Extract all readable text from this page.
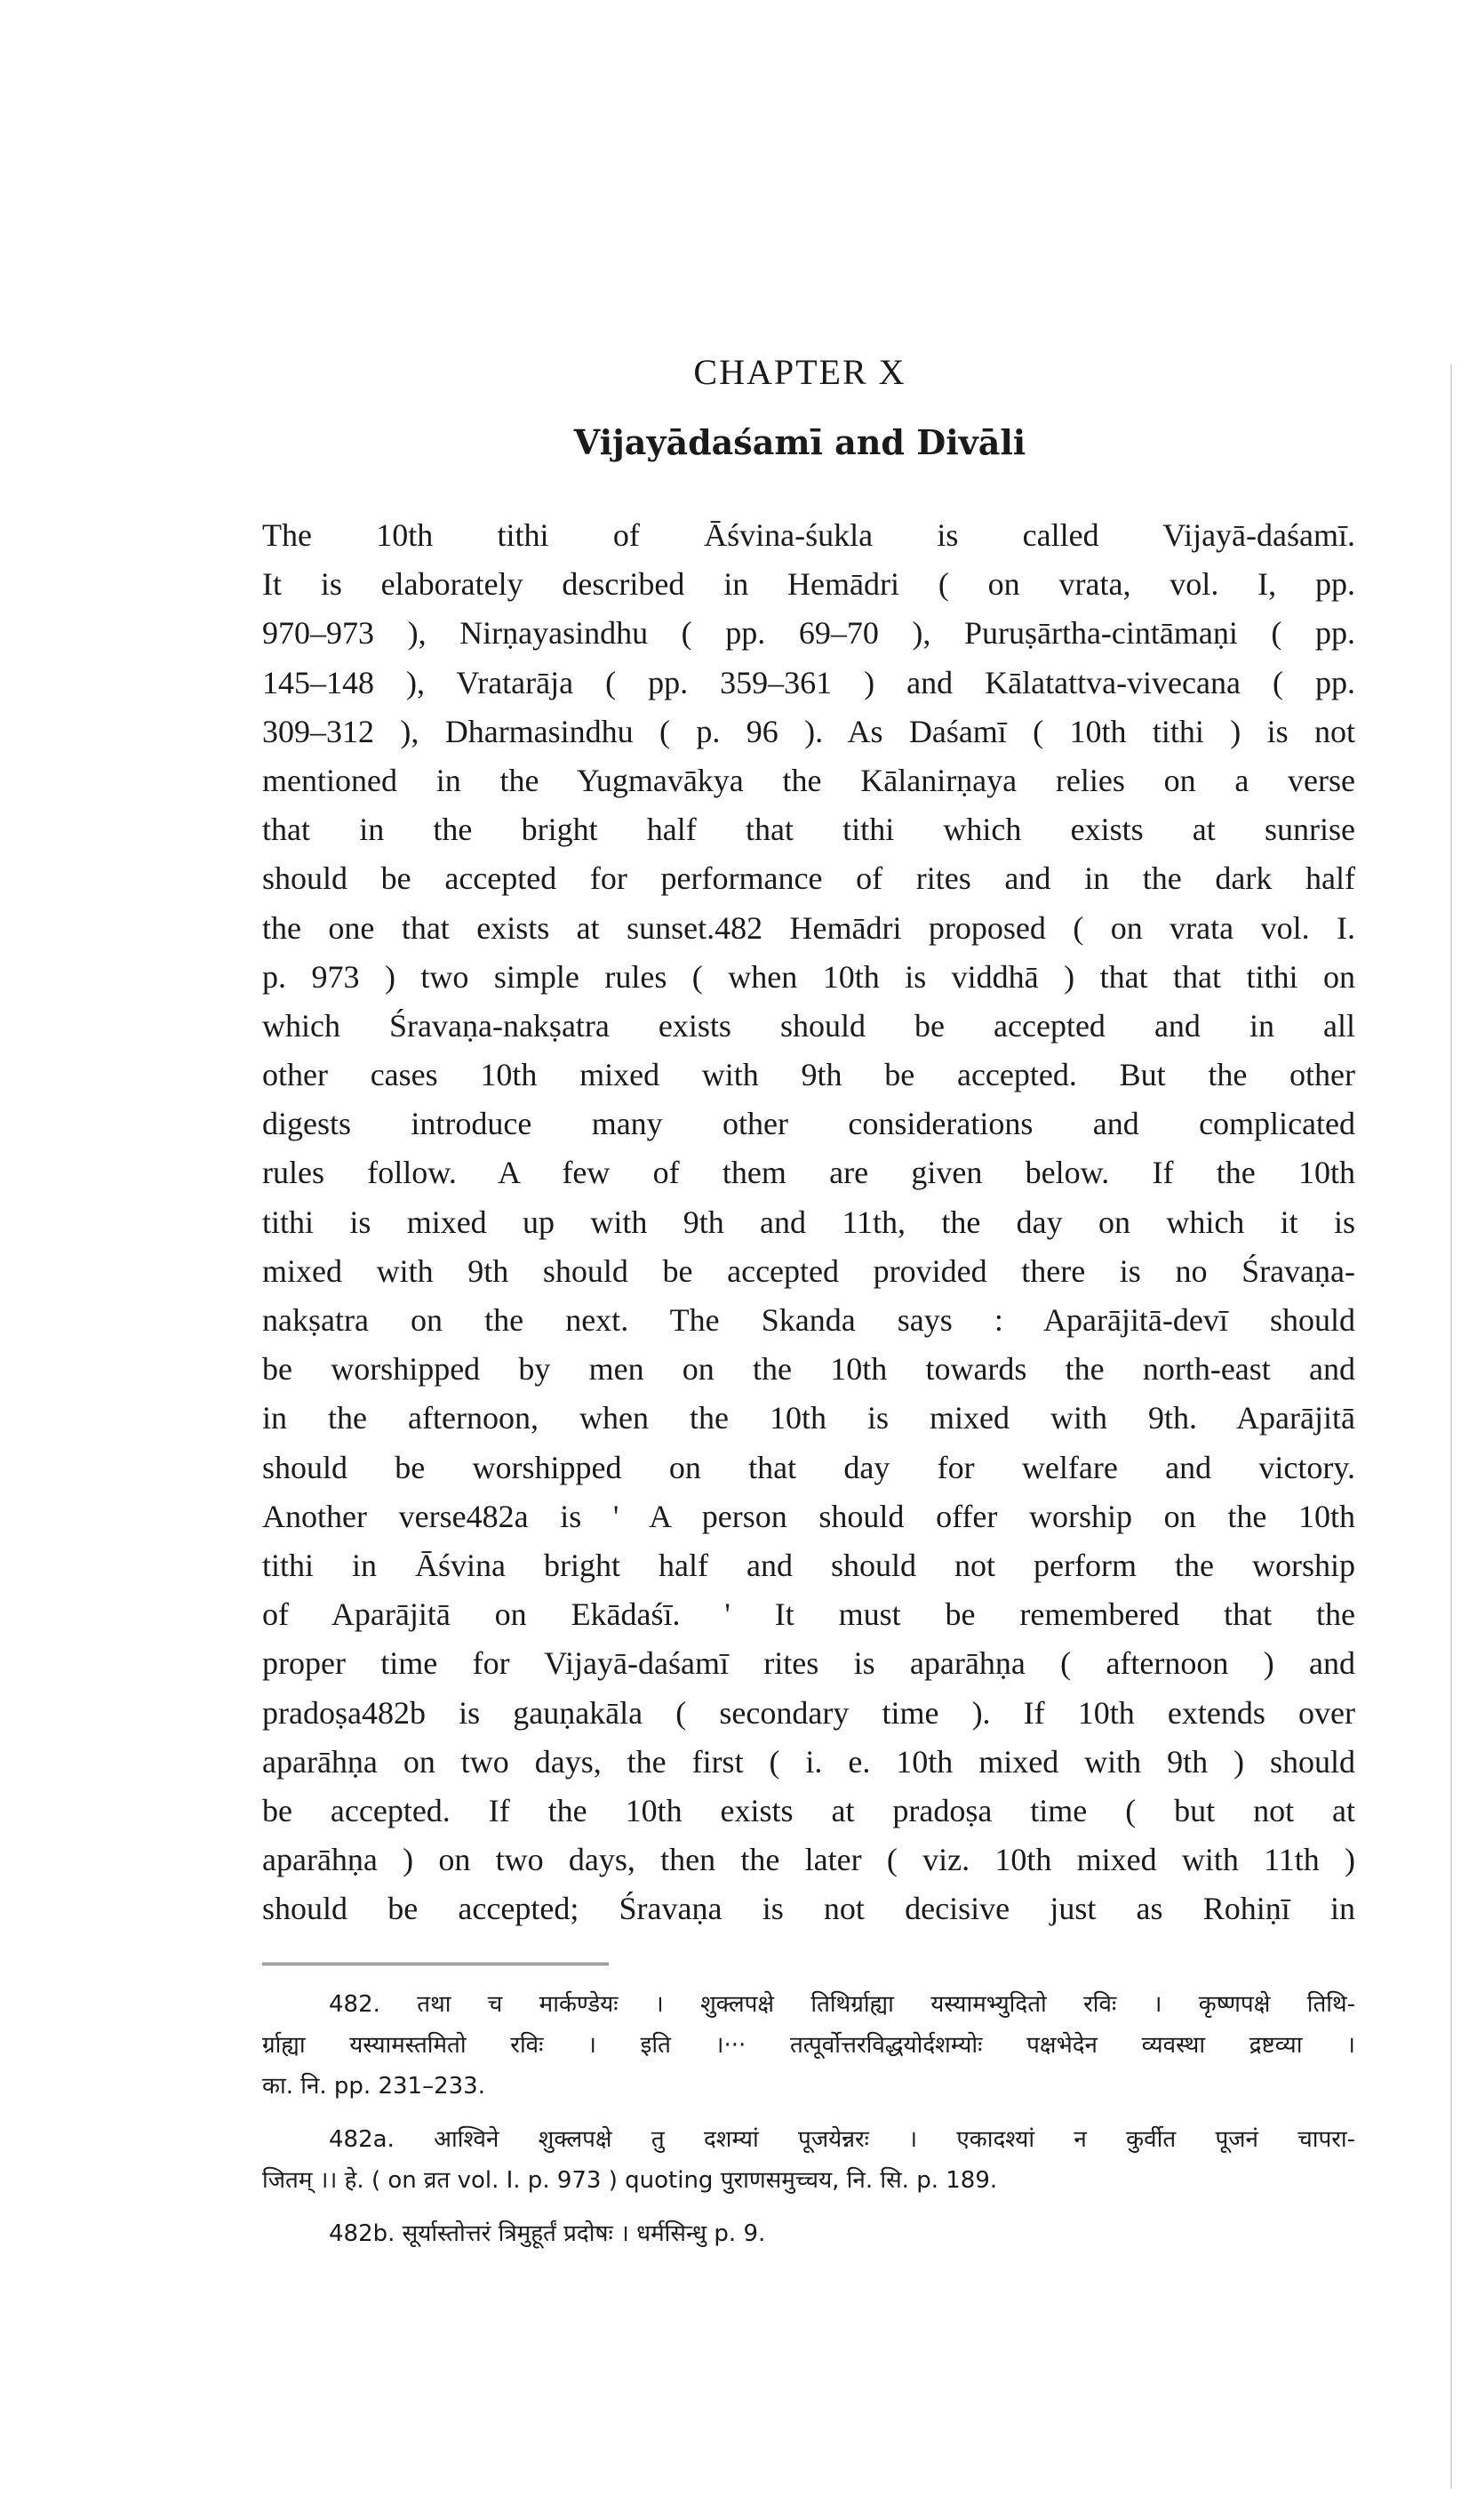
CHAPTER X
Vijayādaśamī and Divāli
The 10th tithi of Āśvina-śukla is called Vijayā-daśamī.
It is elaborately described in Hemādri ( on vrata, vol. I, pp.
970–973 ), Nirṇayasindhu ( pp. 69–70 ), Puruṣārtha-cintāmaṇi ( pp.
145–148 ), Vratarāja ( pp. 359–361 ) and Kālatattva-vivecana ( pp.
309–312 ), Dharmasindhu ( p. 96 ). As Daśamī ( 10th tithi ) is not
mentioned in the Yugmavākya the Kālanirṇaya relies on a verse
that in the bright half that tithi which exists at sunrise
should be accepted for performance of rites and in the dark half
the one that exists at sunset.482 Hemādri proposed ( on vrata vol. I.
p. 973 ) two simple rules ( when 10th is viddhā ) that that tithi on
which Śravaṇa-nakṣatra exists should be accepted and in all
other cases 10th mixed with 9th be accepted. But the other
digests introduce many other considerations and complicated
rules follow. A few of them are given below. If the 10th
tithi is mixed up with 9th and 11th, the day on which it is
mixed with 9th should be accepted provided there is no Śravaṇa-
nakṣatra on the next. The Skanda says : Aparājitā-devī should
be worshipped by men on the 10th towards the north-east and
in the afternoon, when the 10th is mixed with 9th. Aparājitā
should be worshipped on that day for welfare and victory.
Another verse482a is ' A person should offer worship on the 10th
tithi in Āśvina bright half and should not perform the worship
of Aparājitā on Ekādaśī. ' It must be remembered that the
proper time for Vijayā-daśamī rites is aparāhṇa ( afternoon ) and
pradoṣa482b is gauṇakāla ( secondary time ). If 10th extends over
aparāhṇa on two days, the first ( i. e. 10th mixed with 9th ) should
be accepted. If the 10th exists at pradoṣa time ( but not at
aparāhṇa ) on two days, then the later ( viz. 10th mixed with 11th )
should be accepted; Śravaṇa is not decisive just as Rohiṇī in
482. तथा च मार्कण्डेयः । शुक्लपक्षे तिथिर्ग्राह्या यस्यामभ्युदितो रविः । कृष्णपक्षे तिथि-
र्ग्राह्या यस्यामस्तमितो रविः । इति ।··· तत्पूर्वोत्तरविद्धयोर्दशम्योः पक्षभेदेन व्यवस्था द्रष्टव्या ।
का. नि. pp. 231–233.
482a. आश्विने शुक्लपक्षे तु दशम्यां पूजयेन्नरः । एकादश्यां न कुर्वीत पूजनं चापरा-
जितम् ।। हे. ( on व्रत vol. I. p. 973 ) quoting पुराणसमुच्चय, नि. सि. p. 189.
482b. सूर्यास्तोत्तरं त्रिमुहूर्तं प्रदोषः । धर्मसिन्धु p. 9.
